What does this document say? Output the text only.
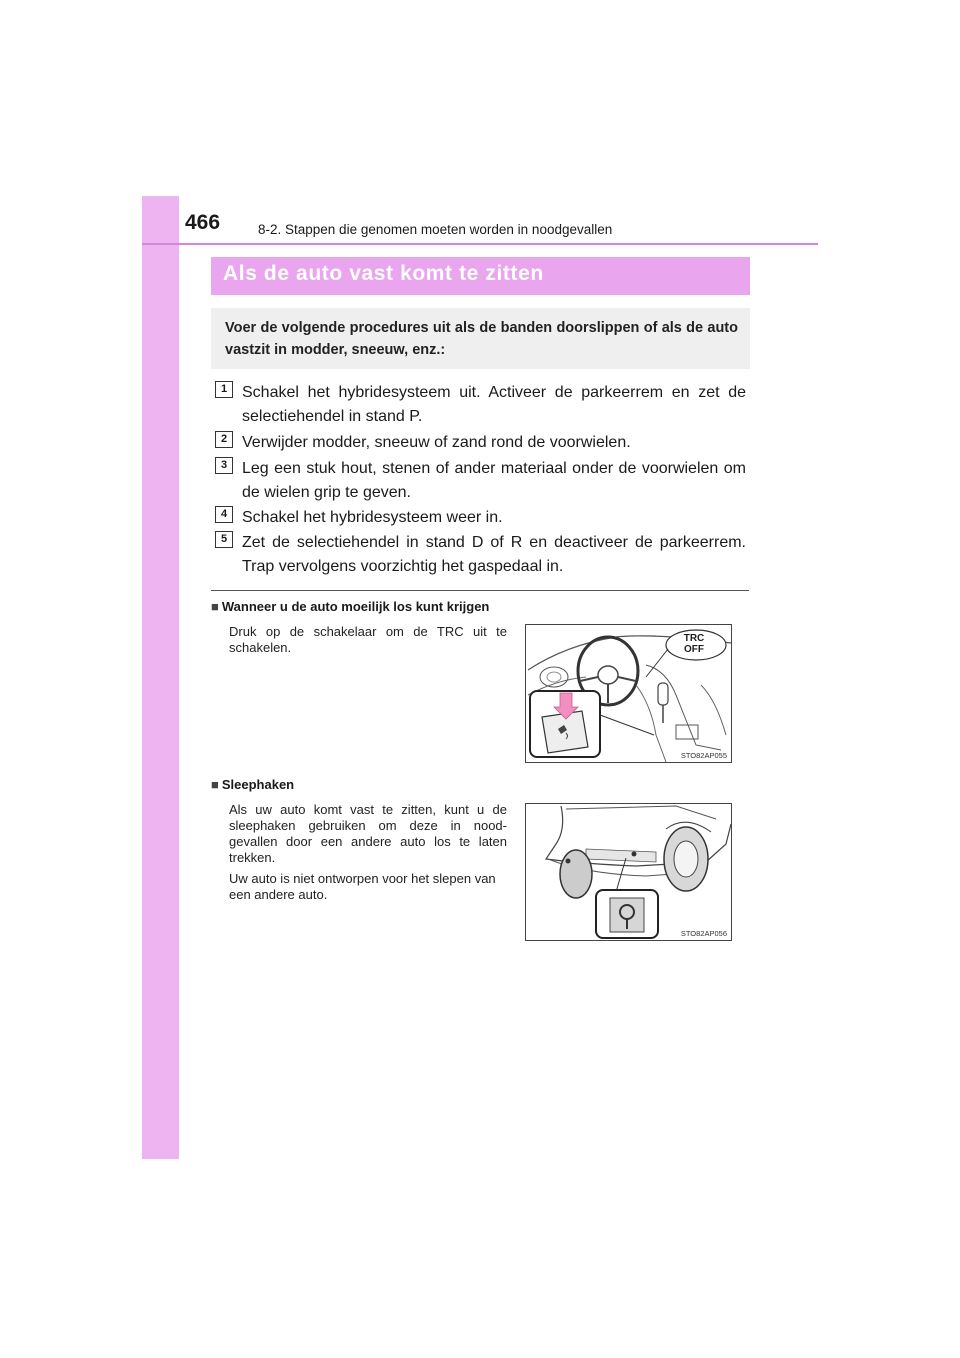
466	8-2. Stappen die genomen moeten worden in noodgevallen
Als de auto vast komt te zitten

Voer de volgende procedures uit als de banden doorslippen of als de auto vastzit in modder, sneeuw, enz.:

1 Schakel het hybridesysteem uit. Activeer de parkeerrem en zet de selectiehendel in stand P.
2 Verwijder modder, sneeuw of zand rond de voorwielen.
3 Leg een stuk hout, stenen of ander materiaal onder de voorwielen om de wielen grip te geven.
4 Schakel het hybridesysteem weer in.
5 Zet de selectiehendel in stand D of R en deactiveer de parkeerrem. Trap vervolgens voorzichtig het gaspedaal in.
■ Wanneer u de auto moeilijk los kunt krijgen
Druk op de schakelaar om de TRC uit te schakelen.
STO82AP055
TRC
OFF
■ Sleephaken
Als uw auto komt vast te zitten, kunt u de sleephaken gebruiken om deze in nood-gevallen door een andere auto los te laten trekken.
Uw auto is niet ontworpen voor het slepen van een andere auto.
STO82AP056
